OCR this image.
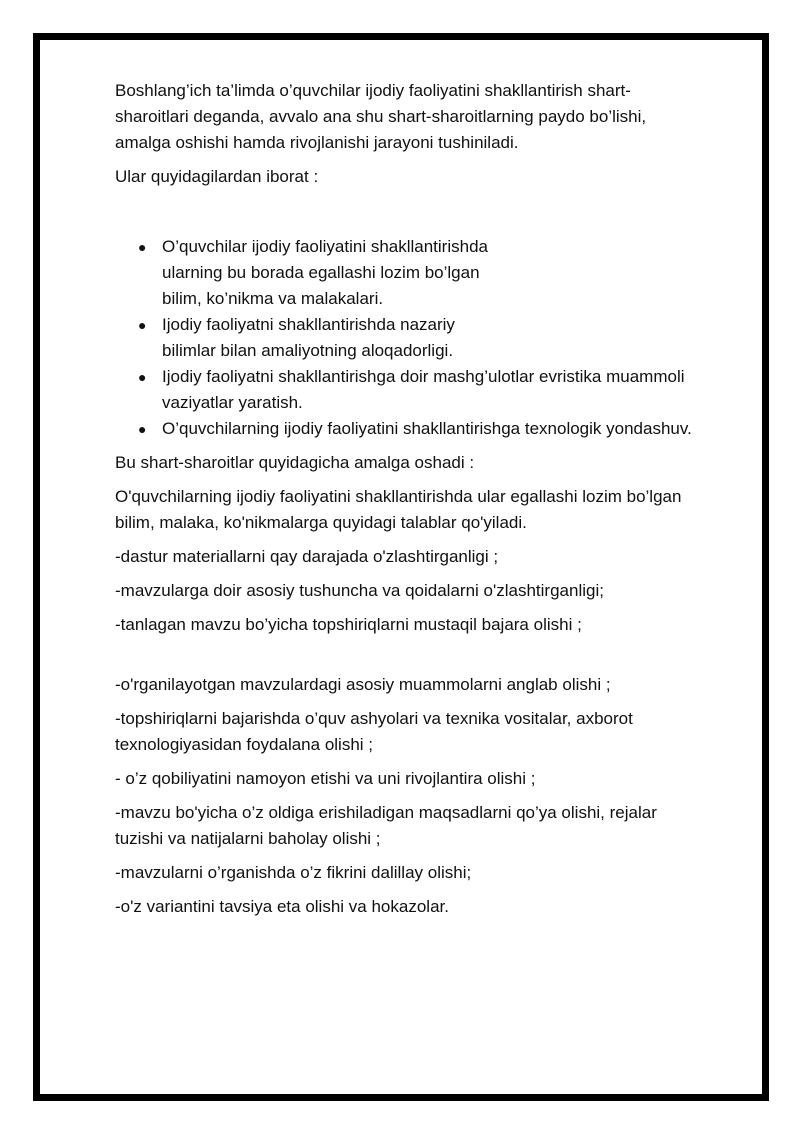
Boshlang’ich ta’limda o’quvchilar ijodiy faoliyatini shakllantirish shart-sharoitlari deganda, avvalo ana shu shart-sharoitlarning paydo bo’lishi, amalga oshishi hamda rivojlanishi jarayoni tushiniladi.

Ular quyidagilardan iborat :

● O’quvchilar ijodiy faoliyatini shakllantirishda ularning bu borada egallashi lozim bo’lgan bilim, ko’nikma va malakalari.
● Ijodiy faoliyatni shakllantirishda nazariy bilimlar bilan amaliyotning aloqadorligi.
● Ijodiy faoliyatni shakllantirishga doir mashg’ulotlar evristika muammoli vaziyatlar yaratish.
● O’quvchilarning ijodiy faoliyatini shakllantirishga texnologik yondashuv.

Bu shart-sharoitlar quyidagicha amalga oshadi :

O'quvchilarning ijodiy faoliyatini shakllantirishda ular egallashi lozim bo’lgan bilim, malaka, ko'nikmalarga quyidagi talablar qo'yiladi.

-dastur materiallarni qay darajada o'zlashtirganligi ;

-mavzularga doir asosiy tushuncha va qoidalarni o'zlashtirganligi;

-tanlagan mavzu bo’yicha topshiriqlarni mustaqil bajara olishi ;

-o'rganilayotgan mavzulardagi asosiy muammolarni anglab olishi ;

-topshiriqlarni bajarishda o’quv ashyolari va texnika vositalar, axborot texnologiyasidan foydalana olishi ;

- o’z qobiliyatini namoyon etishi va uni rivojlantira olishi ;

-mavzu bo'yicha o’z oldiga erishiladigan maqsadlarni qo’ya olishi, rejalar tuzishi va natijalarni baholay olishi ;

-mavzularni o’rganishda o’z fikrini dalillay olishi;

-o'z variantini tavsiya eta olishi va hokazolar.
